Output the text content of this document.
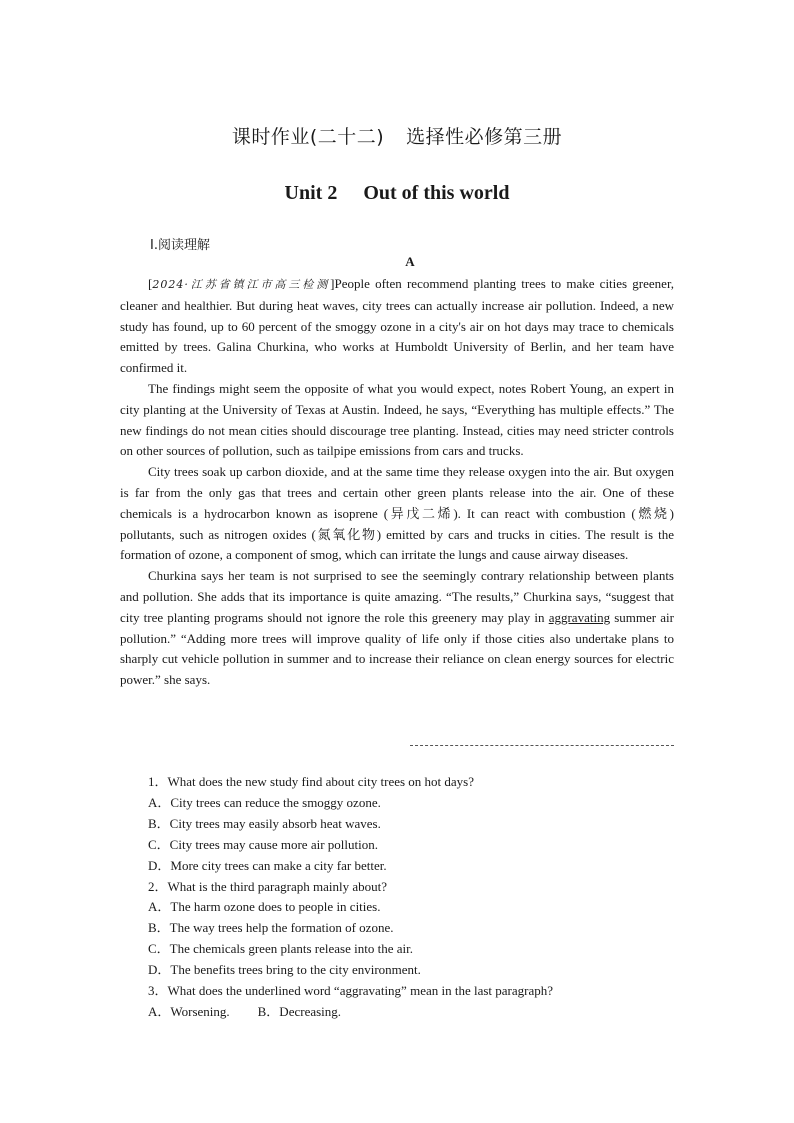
课时作业(二十二) 选择性必修第三册
Unit 2 Out of this world
Ⅰ.阅读理解
A

[2024·江苏省镇江市高三检测]People often recommend planting trees to make cities greener, cleaner and healthier. But during heat waves, city trees can actually increase air pollution. Indeed, a new study has found, up to 60 percent of the smoggy ozone in a city's air on hot days may trace to chemicals emitted by trees. Galina Churkina, who works at Humboldt University of Berlin, and her team have confirmed it.

The findings might seem the opposite of what you would expect, notes Robert Young, an expert in city planting at the University of Texas at Austin. Indeed, he says, “Everything has multiple effects.” The new findings do not mean cities should discourage tree planting. Instead, cities may need stricter controls on other sources of pollution, such as tailpipe emissions from cars and trucks.

City trees soak up carbon dioxide, and at the same time they release oxygen into the air. But oxygen is far from the only gas that trees and certain other green plants release into the air. One of these chemicals is a hydrocarbon known as isoprene (异戊二烯). It can react with combustion (燃烧) pollutants, such as nitrogen oxides (氮氧化物) emitted by cars and trucks in cities. The result is the formation of ozone, a component of smog, which can irritate the lungs and cause airway diseases.

Churkina says her team is not surprised to see the seemingly contrary relationship between plants and pollution. She adds that its importance is quite amazing. “The results,” Churkina says, “suggest that city tree planting programs should not ignore the role this greenery may play in aggravating summer air pollution.” “Adding more trees will improve quality of life only if those cities also undertake plans to sharply cut vehicle pollution in summer and to increase their reliance on clean energy sources for electric power.” she says.

1．What does the new study find about city trees on hot days?
A．City trees can reduce the smoggy ozone.
B．City trees may easily absorb heat waves.
C．City trees may cause more air pollution.
D．More city trees can make a city far better.
2．What is the third paragraph mainly about?
A．The harm ozone does to people in cities.
B．The way trees help the formation of ozone.
C．The chemicals green plants release into the air.
D．The benefits trees bring to the city environment.
3．What does the underlined word “aggravating” mean in the last paragraph?
A．Worsening. B．Decreasing.
